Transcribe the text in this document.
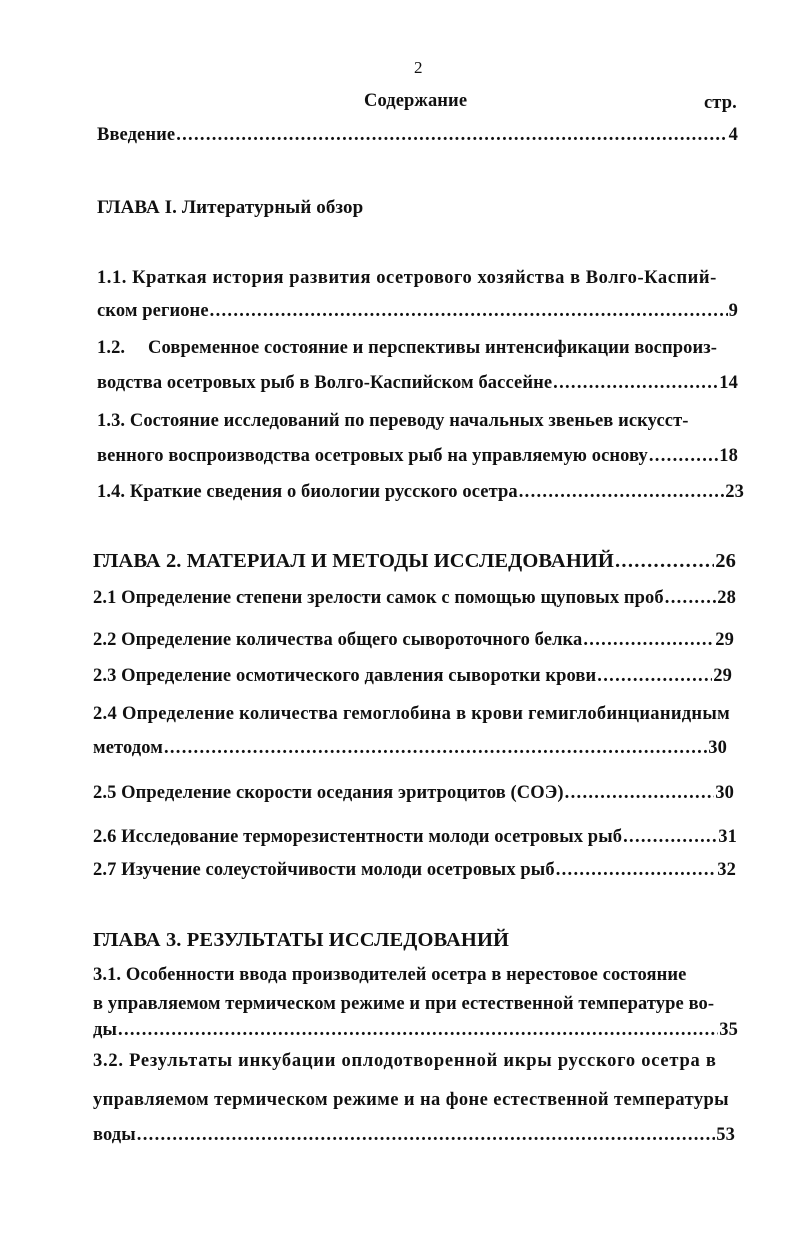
2
Содержание	стр.
Введение .....	4
ГЛАВА I. Литературный обзор
1.1. Краткая история развития осетрового хозяйства в Волго-Каспий-
ском регионе .....	9
1.2. Современное состояние и перспективы интенсификации воспроиз-
водства осетровых рыб в Волго-Каспийском бассейне .....	14
1.3. Состояние исследований по переводу начальных звеньев искусст-
венного воспроизводства осетровых рыб на управляемую основу .....	18
1.4. Краткие сведения о биологии русского осетра .....	23
ГЛАВА 2. МАТЕРИАЛ И МЕТОДЫ ИССЛЕДОВАНИЙ .....	26
2.1 Определение степени зрелости самок с помощью щуповых проб .....	28
2.2 Определение количества общего сывороточного белка .....	29
2.3 Определение осмотического давления сыворотки крови .....	29
2.4 Определение количества гемоглобина в крови гемиглобинцианидным
методом .....	30
2.5 Определение скорости оседания эритроцитов (СОЭ) .....	30
2.6 Исследование терморезистентности молоди осетровых рыб .....	31
2.7 Изучение солеустойчивости молоди осетровых рыб .....	32
ГЛАВА 3. РЕЗУЛЬТАТЫ ИССЛЕДОВАНИЙ
3.1. Особенности ввода производителей осетра в нерестовое состояние
в управляемом термическом режиме и при естественной температуре во-
ды .....	35
3.2. Результаты инкубации оплодотворенной икры русского осетра в
управляемом термическом режиме и на фоне естественной температуры
воды .....	53
